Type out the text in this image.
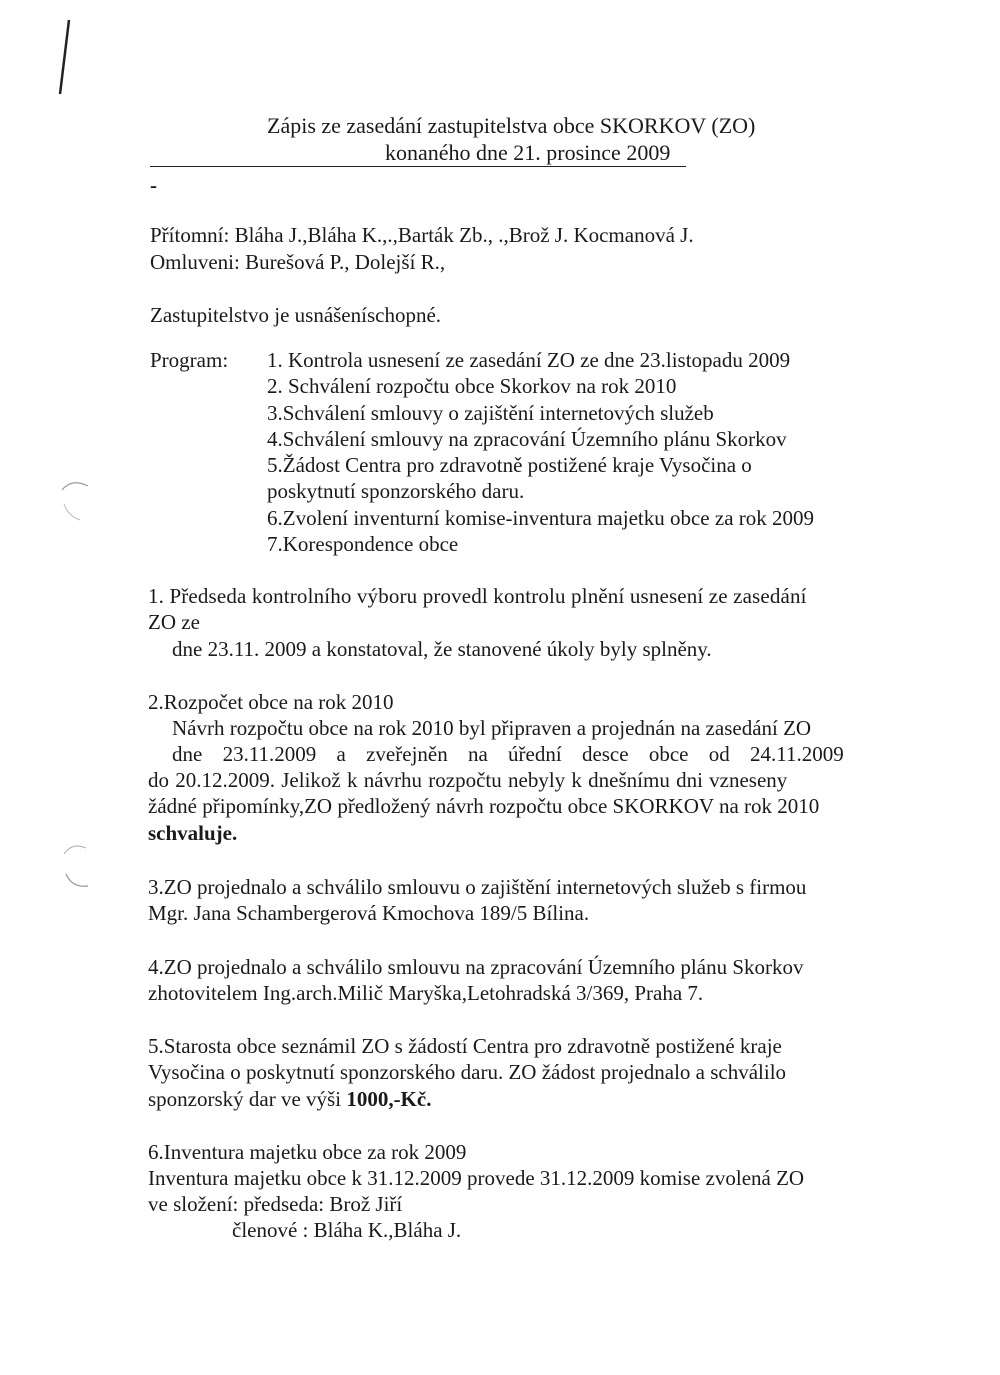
Zápis ze zasedání zastupitelstva obce SKORKOV (ZO)
konaného dne 21. prosince 2009
-
Přítomní: Bláha J.,Bláha K.,.,Barták Zb., .,Brož J. Kocmanová J.
Omluveni: Burešová P., Dolejší R.,
Zastupitelstvo je usnášeníschopné.
Program: 1. Kontrola usnesení ze zasedání ZO ze dne 23.listopadu 2009
2. Schválení rozpočtu obce Skorkov na rok 2010
3.Schválení smlouvy o zajištění internetových služeb
4.Schválení smlouvy na zpracování Územního plánu Skorkov
5.Žádost Centra pro zdravotně postižené kraje Vysočina o
poskytnutí sponzorského daru.
6.Zvolení inventurní komise-inventura majetku obce za rok 2009
7.Korespondence obce
1. Předseda kontrolního výboru provedl kontrolu plnění usnesení ze zasedání
ZO ze
dne 23.11. 2009 a konstatoval, že stanovené úkoly byly splněny.
2.Rozpočet obce na rok 2010
Návrh rozpočtu obce na rok 2010 byl připraven a projednán na zasedání ZO
dne 23.11.2009 a zveřejněn na úřední desce obce od 24.11.2009
do 20.12.2009. Jelikož k návrhu rozpočtu nebyly k dnešnímu dni vzneseny
žádné připomínky,ZO předložený návrh rozpočtu obce SKORKOV na rok 2010
schvaluje.
3.ZO projednalo a schválilo smlouvu o zajištění internetových služeb s firmou
Mgr. Jana Schambergerová Kmochova 189/5 Bílina.
4.ZO projednalo a schválilo smlouvu na zpracování Územního plánu Skorkov
zhotovitelem Ing.arch.Milič Maryška,Letohradská 3/369, Praha 7.
5.Starosta obce seznámil ZO s žádostí Centra pro zdravotně postižené kraje
Vysočina o poskytnutí sponzorského daru. ZO žádost projednalo a schválilo
sponzorský dar ve výši 1000,-Kč.
6.Inventura majetku obce za rok 2009
Inventura majetku obce k 31.12.2009 provede 31.12.2009 komise zvolená ZO
ve složení: předseda: Brož Jiří
členové : Bláha K.,Bláha J.
